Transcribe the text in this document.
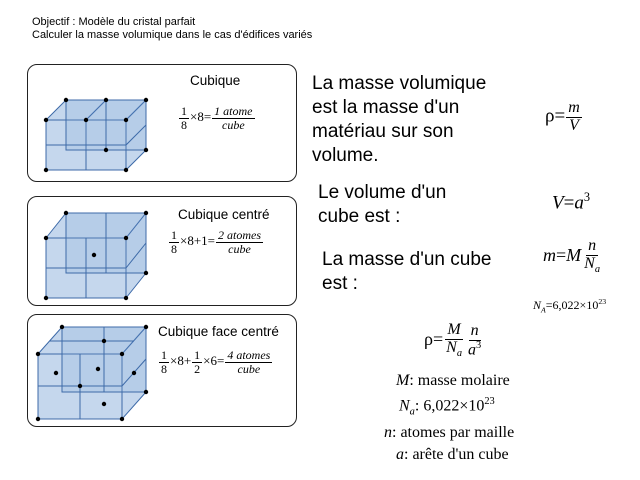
Objectif : Modèle du cristal parfait
Calculer la masse volumique dans le cas d'édifices variés
Cubique
$\frac{1}{8} \times 8= \frac{\text{1 atome}}{\text{cube}}$
Cubique centré
$\frac{1}{8} \times 8+1= \frac{\text{2 atomes}}{\text{cube}}$
Cubique face centré
$\frac{1}{8} \times 8+ \frac{1}{2} \times 6= \frac{\text{4 atomes}}{\text{cube}}$
La masse volumique
est la masse d'un
matériau sur son
volume.
$\rho= \frac{m}{V}$
Le volume d'un
cube est :
$V=a^3$
La masse d'un cube
est :
$m=M \frac{n}{N_a}$
$N_A=6,022\times 10^{23}$
$\rho= \frac{M}{N_a} \frac{n}{a^3}$
M: masse molaire
$N_a$: $6,022\times 10^{23}$
n: atomes par maille
a: arête d'un cube
